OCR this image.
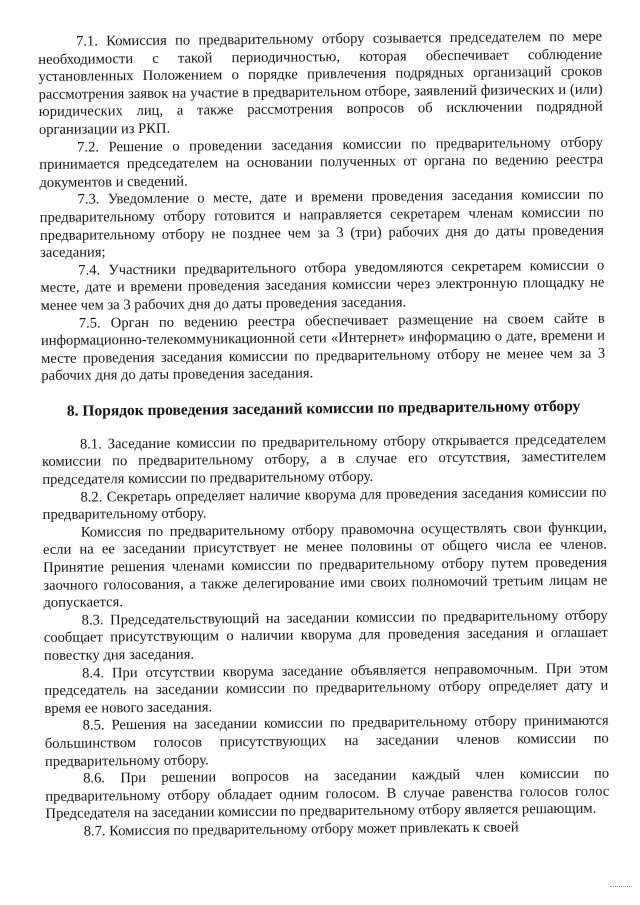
7.1. Комиссия по предварительному отбору созывается председателем по мере необходимости с такой периодичностью, которая обеспечивает соблюдение установленных Положением о порядке привлечения подрядных организаций сроков рассмотрения заявок на участие в предварительном отборе, заявлений физических и (или) юридических лиц, а также рассмотрения вопросов об исключении подрядной организации из РКП.

7.2. Решение о проведении заседания комиссии по предварительному отбору принимается председателем на основании полученных от органа по ведению реестра документов и сведений.

7.3. Уведомление о месте, дате и времени проведения заседания комиссии по предварительному отбору готовится и направляется секретарем членам комиссии по предварительному отбору не позднее чем за 3 (три) рабочих дня до даты проведения заседания;

7.4. Участники предварительного отбора уведомляются секретарем комиссии о месте, дате и времени проведения заседания комиссии через электронную площадку не менее чем за 3 рабочих дня до даты проведения заседания.

7.5. Орган по ведению реестра обеспечивает размещение на своем сайте в информационно-телекоммуникационной сети «Интернет» информацию о дате, времени и месте проведения заседания комиссии по предварительному отбору не менее чем за 3 рабочих дня до даты проведения заседания.

8. Порядок проведения заседаний комиссии по предварительному отбору

8.1. Заседание комиссии по предварительному отбору открывается председателем комиссии по предварительному отбору, а в случае его отсутствия, заместителем председателя комиссии по предварительному отбору.

8.2. Секретарь определяет наличие кворума для проведения заседания комиссии по предварительному отбору.

Комиссия по предварительному отбору правомочна осуществлять свои функции, если на ее заседании присутствует не менее половины от общего числа ее членов. Принятие решения членами комиссии по предварительному отбору путем проведения заочного голосования, а также делегирование ими своих полномочий третьим лицам не допускается.

8.3. Председательствующий на заседании комиссии по предварительному отбору сообщает присутствующим о наличии кворума для проведения заседания и оглашает повестку дня заседания.

8.4. При отсутствии кворума заседание объявляется неправомочным. При этом председатель на заседании комиссии по предварительному отбору определяет дату и время ее нового заседания.

8.5. Решения на заседании комиссии по предварительному отбору принимаются большинством голосов присутствующих на заседании членов комиссии по предварительному отбору.

8.6. При решении вопросов на заседании каждый член комиссии по предварительному отбору обладает одним голосом. В случае равенства голосов голос Председателя на заседании комиссии по предварительному отбору является решающим.

8.7. Комиссия по предварительному отбору может привлекать к своей
